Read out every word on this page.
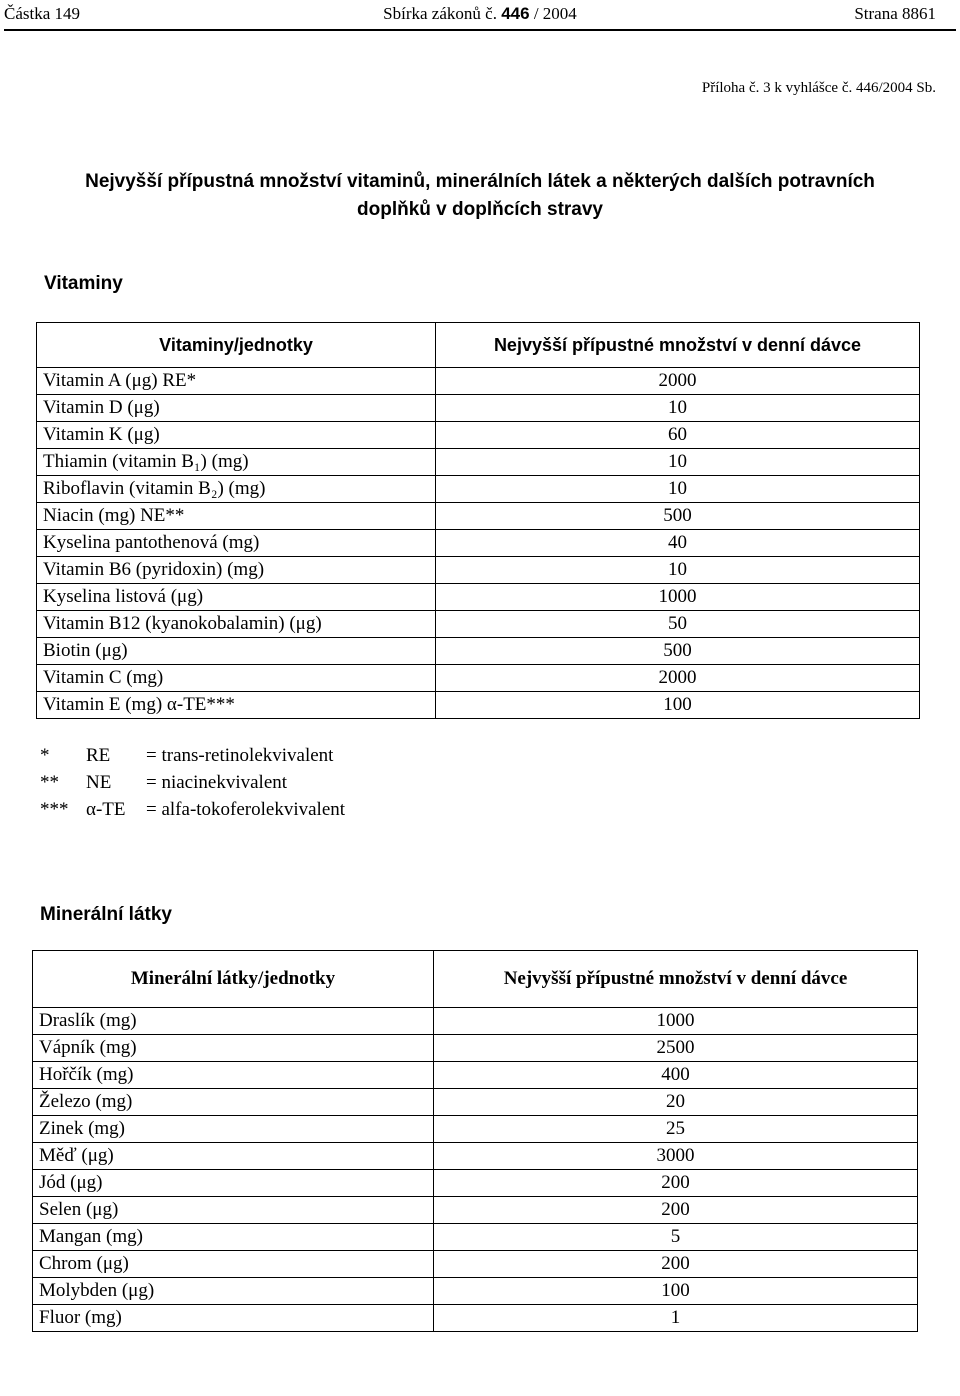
Částka 149	Sbírka zákonů č. 446 / 2004	Strana 8861
Příloha č. 3 k vyhlášce č. 446/2004 Sb.
Nejvyšší přípustná množství vitaminů, minerálních látek a některých dalších potravních
doplňků v doplňcích stravy
Vitaminy
Vitaminy/jednotky	Nejvyšší přípustné množství v denní dávce
Vitamin A (μg) RE*	2000
Vitamin D (μg)	10
Vitamin K (μg)	60
Thiamin (vitamin B₁) (mg)	10
Riboflavin (vitamin B₂) (mg)	10
Niacin (mg) NE**	500
Kyselina pantothenová (mg)	40
Vitamin B6 (pyridoxin) (mg)	10
Kyselina listová (μg)	1000
Vitamin B12 (kyanokobalamin) (μg)	50
Biotin (μg)	500
Vitamin C (mg)	2000
Vitamin E (mg) α-TE***	100
*	RE	= trans-retinolekvivalent
**	NE	= niacinekvivalent
*** α-TE	= alfa-tokoferolekvivalent
Minerální látky
Minerální látky/jednotky	Nejvyšší přípustné množství v denní dávce
Draslík (mg)	1000
Vápník (mg)	2500
Hořčík (mg)	400
Železo (mg)	20
Zinek (mg)	25
Měď (μg)	3000
Jód (μg)	200
Selen (μg)	200
Mangan (mg)	5
Chrom (μg)	200
Molybden (μg)	100
Fluor (mg)	1
